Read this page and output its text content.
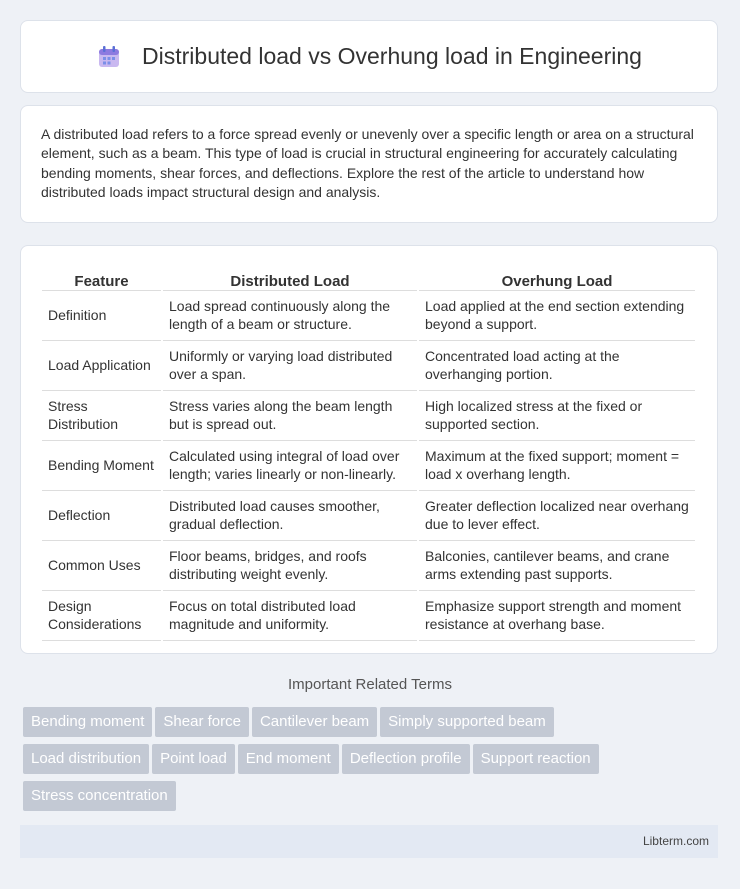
Distributed load vs Overhung load in Engineering

A distributed load refers to a force spread evenly or unevenly over a specific length or area on a structural element, such as a beam. This type of load is crucial in structural engineering for accurately calculating bending moments, shear forces, and deflections. Explore the rest of the article to understand how distributed loads impact structural design and analysis.

Feature	Distributed Load	Overhung Load
Definition	Load spread continuously along the length of a beam or structure.	Load applied at the end section extending beyond a support.
Load Application	Uniformly or varying load distributed over a span.	Concentrated load acting at the overhanging portion.
Stress Distribution	Stress varies along the beam length but is spread out.	High localized stress at the fixed or supported section.
Bending Moment	Calculated using integral of load over length; varies linearly or non-linearly.	Maximum at the fixed support; moment = load x overhang length.
Deflection	Distributed load causes smoother, gradual deflection.	Greater deflection localized near overhang due to lever effect.
Common Uses	Floor beams, bridges, and roofs distributing weight evenly.	Balconies, cantilever beams, and crane arms extending past supports.
Design Considerations	Focus on total distributed load magnitude and uniformity.	Emphasize support strength and moment resistance at overhang base.
Important Related Terms
Bending moment Shear force Cantilever beam Simply supported beam
Load distribution Point load End moment Deflection profile Support reaction
Stress concentration
Libterm.com
